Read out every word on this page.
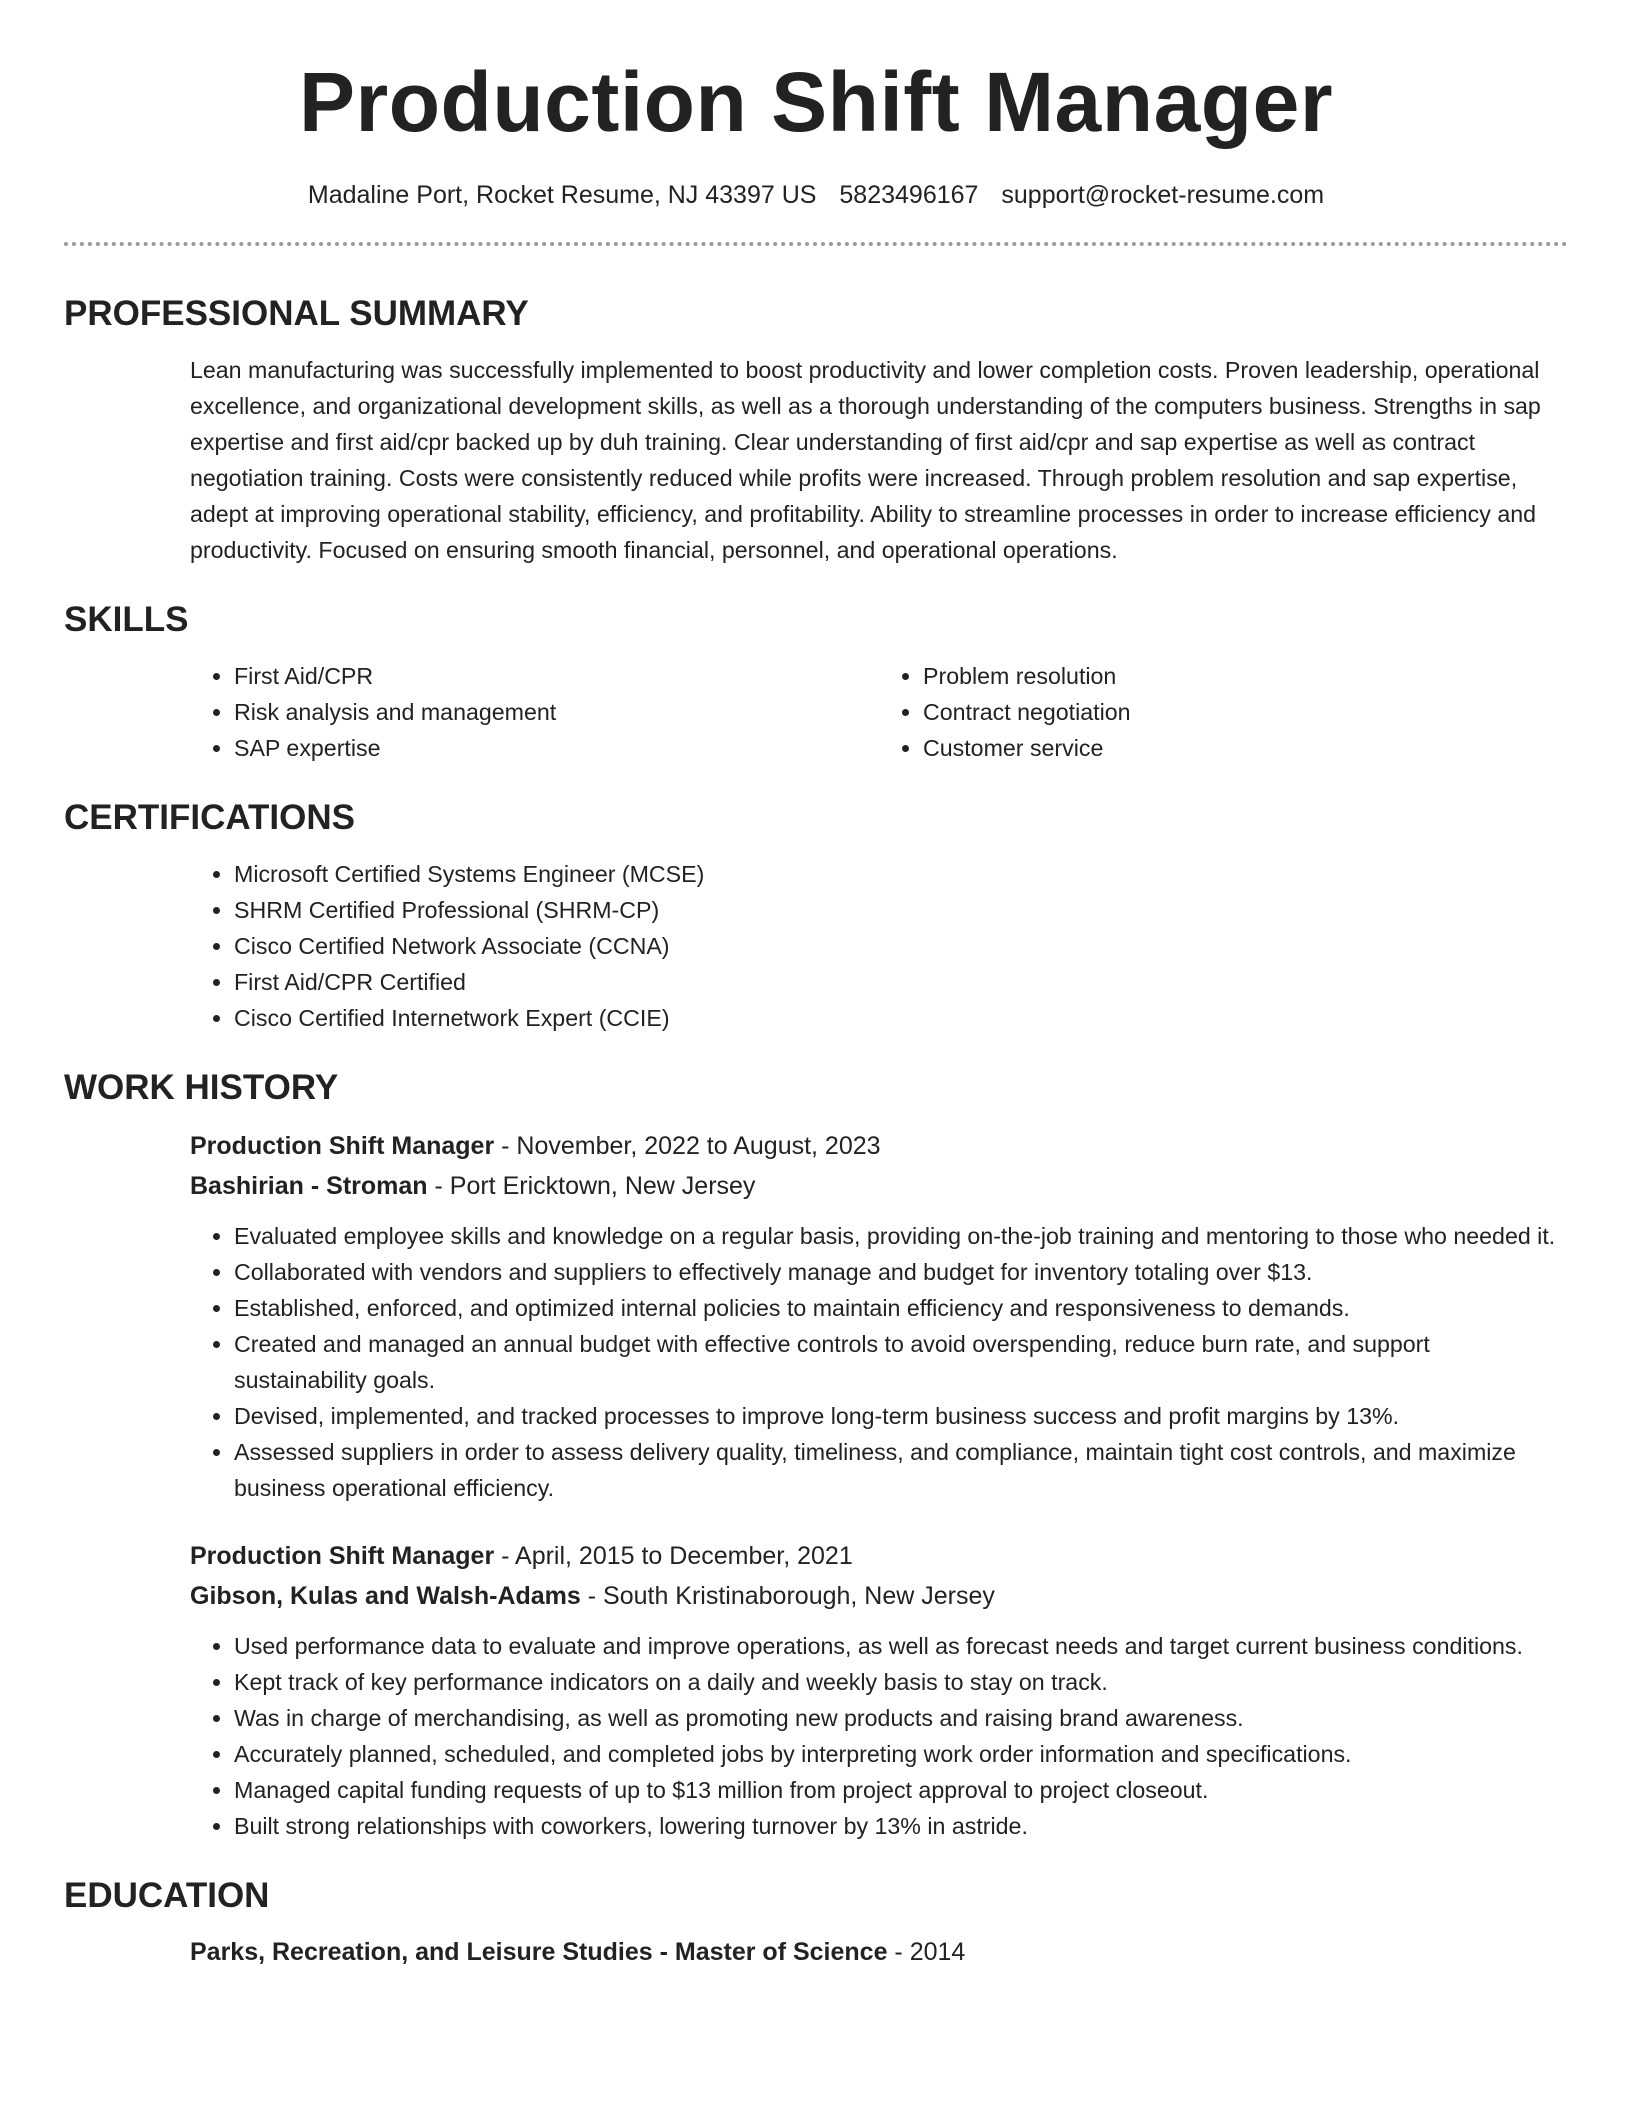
Production Shift Manager
Madaline Port, Rocket Resume, NJ 43397 US 5823496167 support@rocket-resume.com
PROFESSIONAL SUMMARY
Lean manufacturing was successfully implemented to boost productivity and lower completion costs. Proven leadership, operational excellence, and organizational development skills, as well as a thorough understanding of the computers business. Strengths in sap expertise and first aid/cpr backed up by duh training. Clear understanding of first aid/cpr and sap expertise as well as contract negotiation training. Costs were consistently reduced while profits were increased. Through problem resolution and sap expertise, adept at improving operational stability, efficiency, and profitability. Ability to streamline processes in order to increase efficiency and productivity. Focused on ensuring smooth financial, personnel, and operational operations.
SKILLS
• First Aid/CPR
• Risk analysis and management
• SAP expertise
• Problem resolution
• Contract negotiation
• Customer service
CERTIFICATIONS
• Microsoft Certified Systems Engineer (MCSE)
• SHRM Certified Professional (SHRM-CP)
• Cisco Certified Network Associate (CCNA)
• First Aid/CPR Certified
• Cisco Certified Internetwork Expert (CCIE)
WORK HISTORY
Production Shift Manager - November, 2022 to August, 2023
Bashirian - Stroman - Port Ericktown, New Jersey
• Evaluated employee skills and knowledge on a regular basis, providing on-the-job training and mentoring to those who needed it.
• Collaborated with vendors and suppliers to effectively manage and budget for inventory totaling over $13.
• Established, enforced, and optimized internal policies to maintain efficiency and responsiveness to demands.
• Created and managed an annual budget with effective controls to avoid overspending, reduce burn rate, and support sustainability goals.
• Devised, implemented, and tracked processes to improve long-term business success and profit margins by 13%.
• Assessed suppliers in order to assess delivery quality, timeliness, and compliance, maintain tight cost controls, and maximize business operational efficiency.
Production Shift Manager - April, 2015 to December, 2021
Gibson, Kulas and Walsh-Adams - South Kristinaborough, New Jersey
• Used performance data to evaluate and improve operations, as well as forecast needs and target current business conditions.
• Kept track of key performance indicators on a daily and weekly basis to stay on track.
• Was in charge of merchandising, as well as promoting new products and raising brand awareness.
• Accurately planned, scheduled, and completed jobs by interpreting work order information and specifications.
• Managed capital funding requests of up to $13 million from project approval to project closeout.
• Built strong relationships with coworkers, lowering turnover by 13% in astride.
EDUCATION
Parks, Recreation, and Leisure Studies - Master of Science - 2014
